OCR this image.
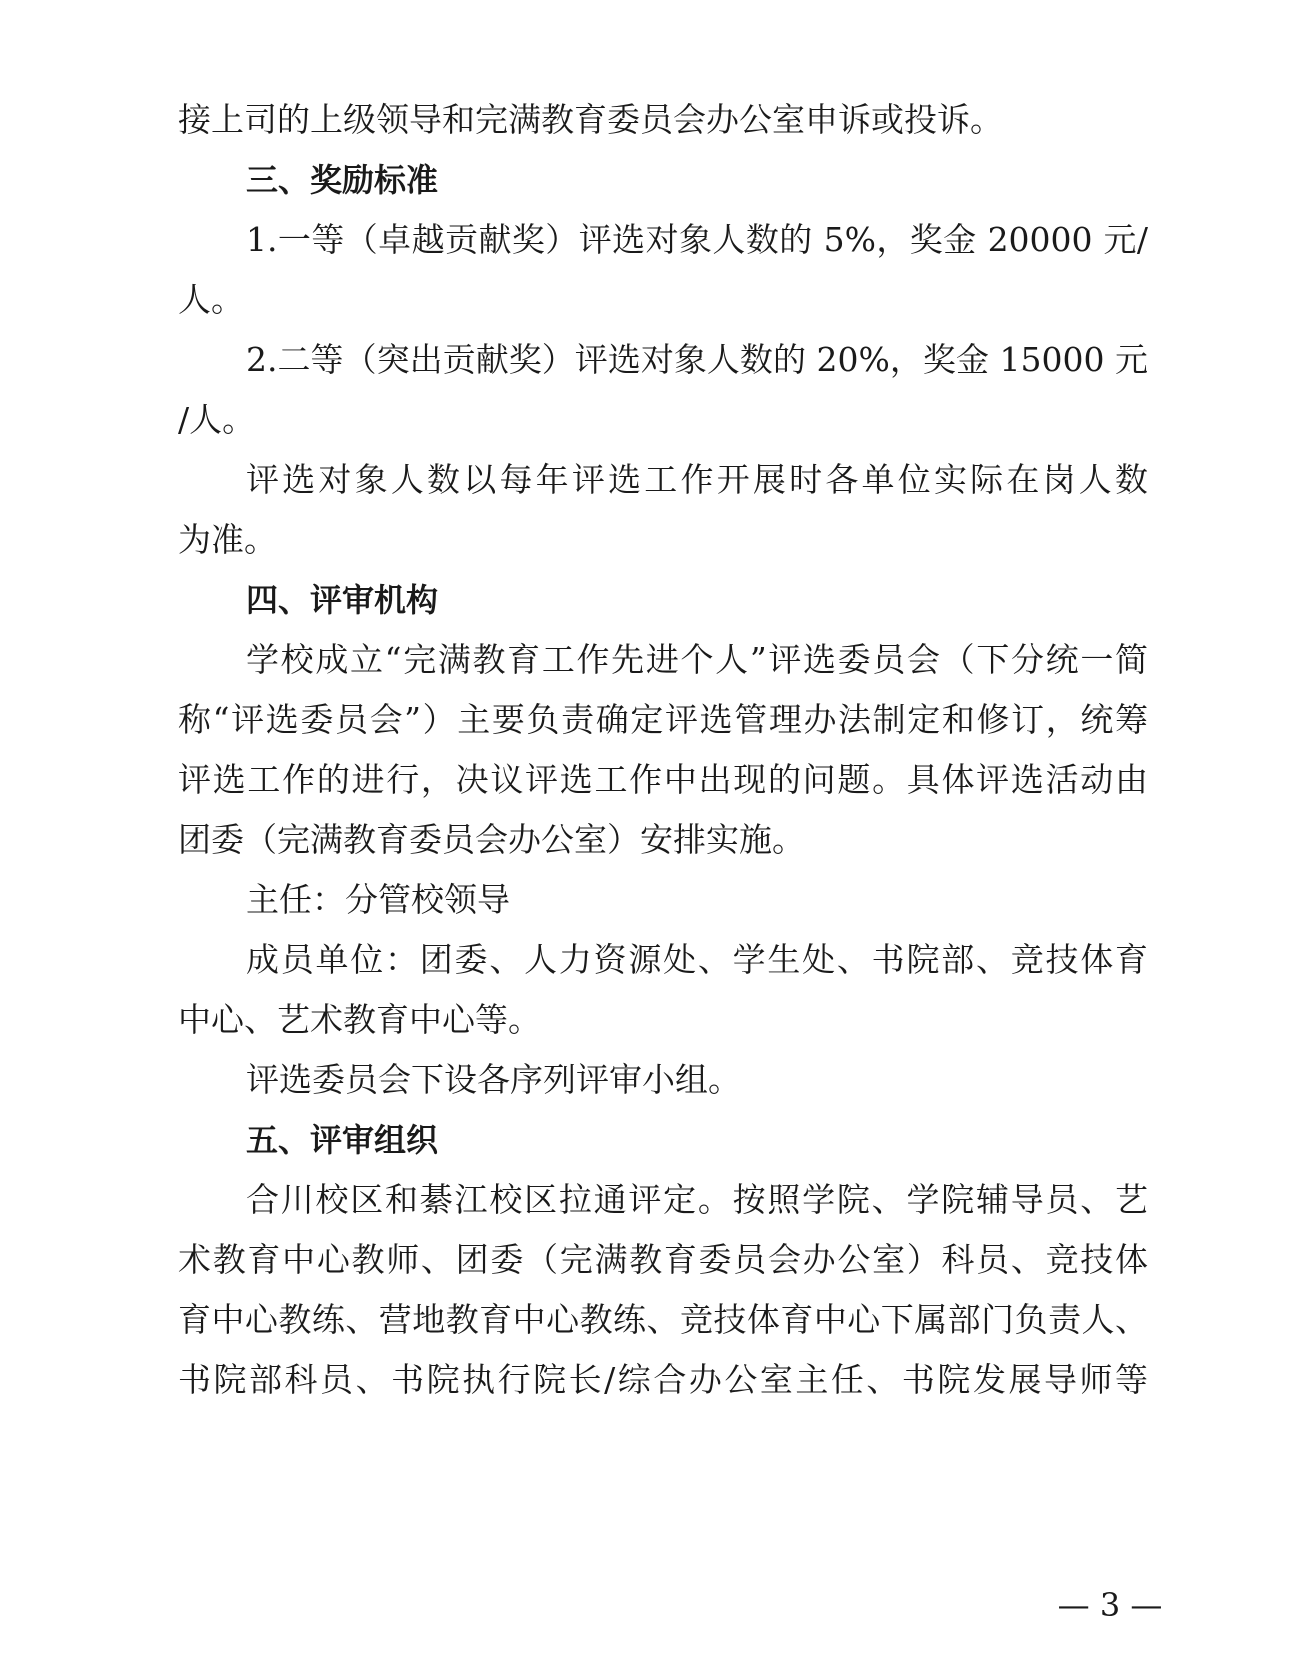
接上司的上级领导和完满教育委员会办公室申诉或投诉。
三、奖励标准
1.一等（卓越贡献奖）评选对象人数的 5%，奖金 20000 元/
人。
2.二等（突出贡献奖）评选对象人数的 20%，奖金 15000 元
/人。
评选对象人数以每年评选工作开展时各单位实际在岗人数
为准。
四、评审机构
学校成立“完满教育工作先进个人”评选委员会（下分统一简
称“评选委员会”）主要负责确定评选管理办法制定和修订，统筹
评选工作的进行，决议评选工作中出现的问题。具体评选活动由
团委（完满教育委员会办公室）安排实施。
主任：分管校领导
成员单位：团委、人力资源处、学生处、书院部、竞技体育
中心、艺术教育中心等。
评选委员会下设各序列评审小组。
五、评审组织
合川校区和綦江校区拉通评定。按照学院、学院辅导员、艺
术教育中心教师、团委（完满教育委员会办公室）科员、竞技体
育中心教练、营地教育中心教练、竞技体育中心下属部门负责人、
书院部科员、书院执行院长/综合办公室主任、书院发展导师等
— 3 —
